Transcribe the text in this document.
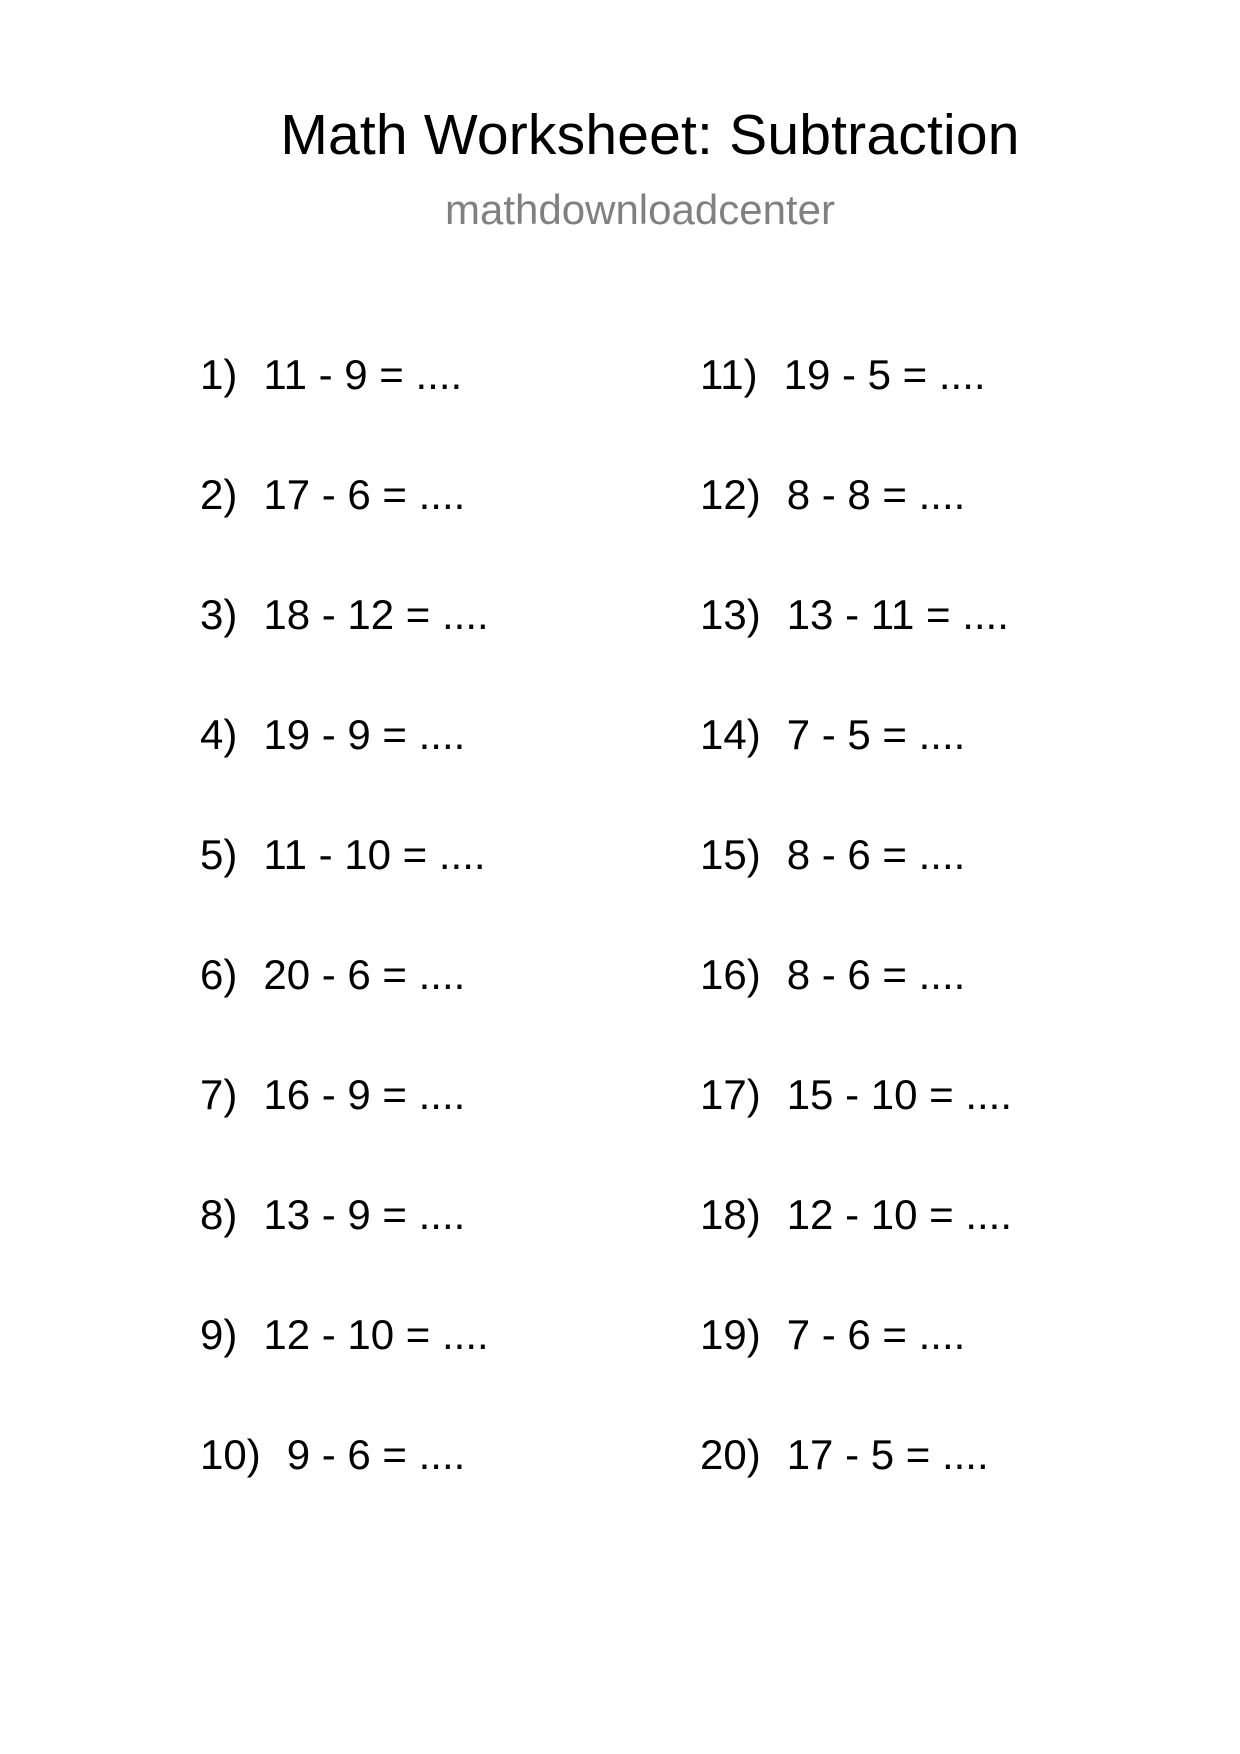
Math Worksheet: Subtraction
mathdownloadcenter
1) 11 - 9 = ....
2) 17 - 6 = ....
3) 18 - 12 = ....
4) 19 - 9 = ....
5) 11 - 10 = ....
6) 20 - 6 = ....
7) 16 - 9 = ....
8) 13 - 9 = ....
9) 12 - 10 = ....
10) 9 - 6 = ....
11) 19 - 5 = ....
12) 8 - 8 = ....
13) 13 - 11 = ....
14) 7 - 5 = ....
15) 8 - 6 = ....
16) 8 - 6 = ....
17) 15 - 10 = ....
18) 12 - 10 = ....
19) 7 - 6 = ....
20) 17 - 5 = ....
